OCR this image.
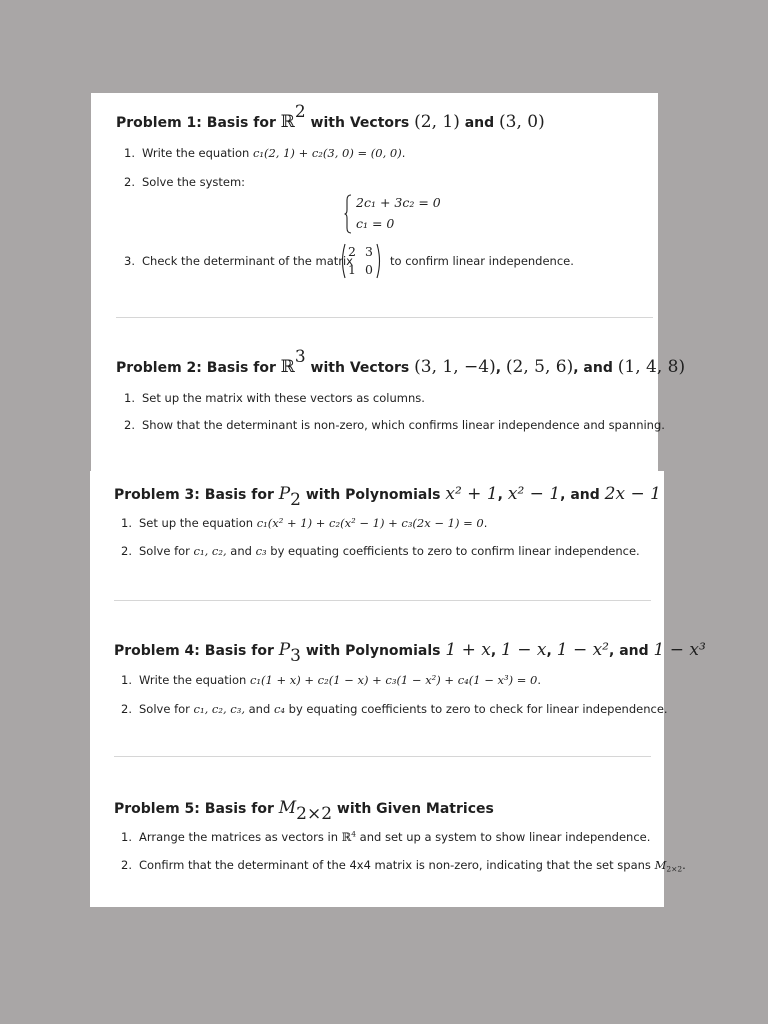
Problem 1: Basis for ℝ$^2$ with Vectors (2, 1) and (3, 0)
1. Write the equation c₁(2, 1) + c₂(3, 0) = (0, 0).
2. Solve the system:
2c₁ + 3c₂ = 0
c₁ = 0
3. Check the determinant of the matrix
2 3
1 0
to confirm linear independence.
Problem 2: Basis for ℝ$^3$ with Vectors (3, 1, −4), (2, 5, 6), and (1, 4, 8)
1. Set up the matrix with these vectors as columns.
2. Show that the determinant is non-zero, which confirms linear independence and spanning.
Problem 3: Basis for $P_2$ with Polynomials x² + 1, x² − 1, and 2x − 1
1. Set up the equation c₁(x² + 1) + c₂(x² − 1) + c₃(2x − 1) = 0.
2. Solve for c₁, c₂, and c₃ by equating coefficients to zero to confirm linear independence.
Problem 4: Basis for $P_3$ with Polynomials 1 + x, 1 − x, 1 − x², and 1 − x³
1. Write the equation c₁(1 + x) + c₂(1 − x) + c₃(1 − x²) + c₄(1 − x³) = 0.
2. Solve for c₁, c₂, c₃, and c₄ by equating coefficients to zero to check for linear independence.
Problem 5: Basis for $M_{2\times 2}$ with Given Matrices
1. Arrange the matrices as vectors in ℝ$^4$ and set up a system to show linear independence.
2. Confirm that the determinant of the 4x4 matrix is non-zero, indicating that the set spans $M_{2\times 2}$.
